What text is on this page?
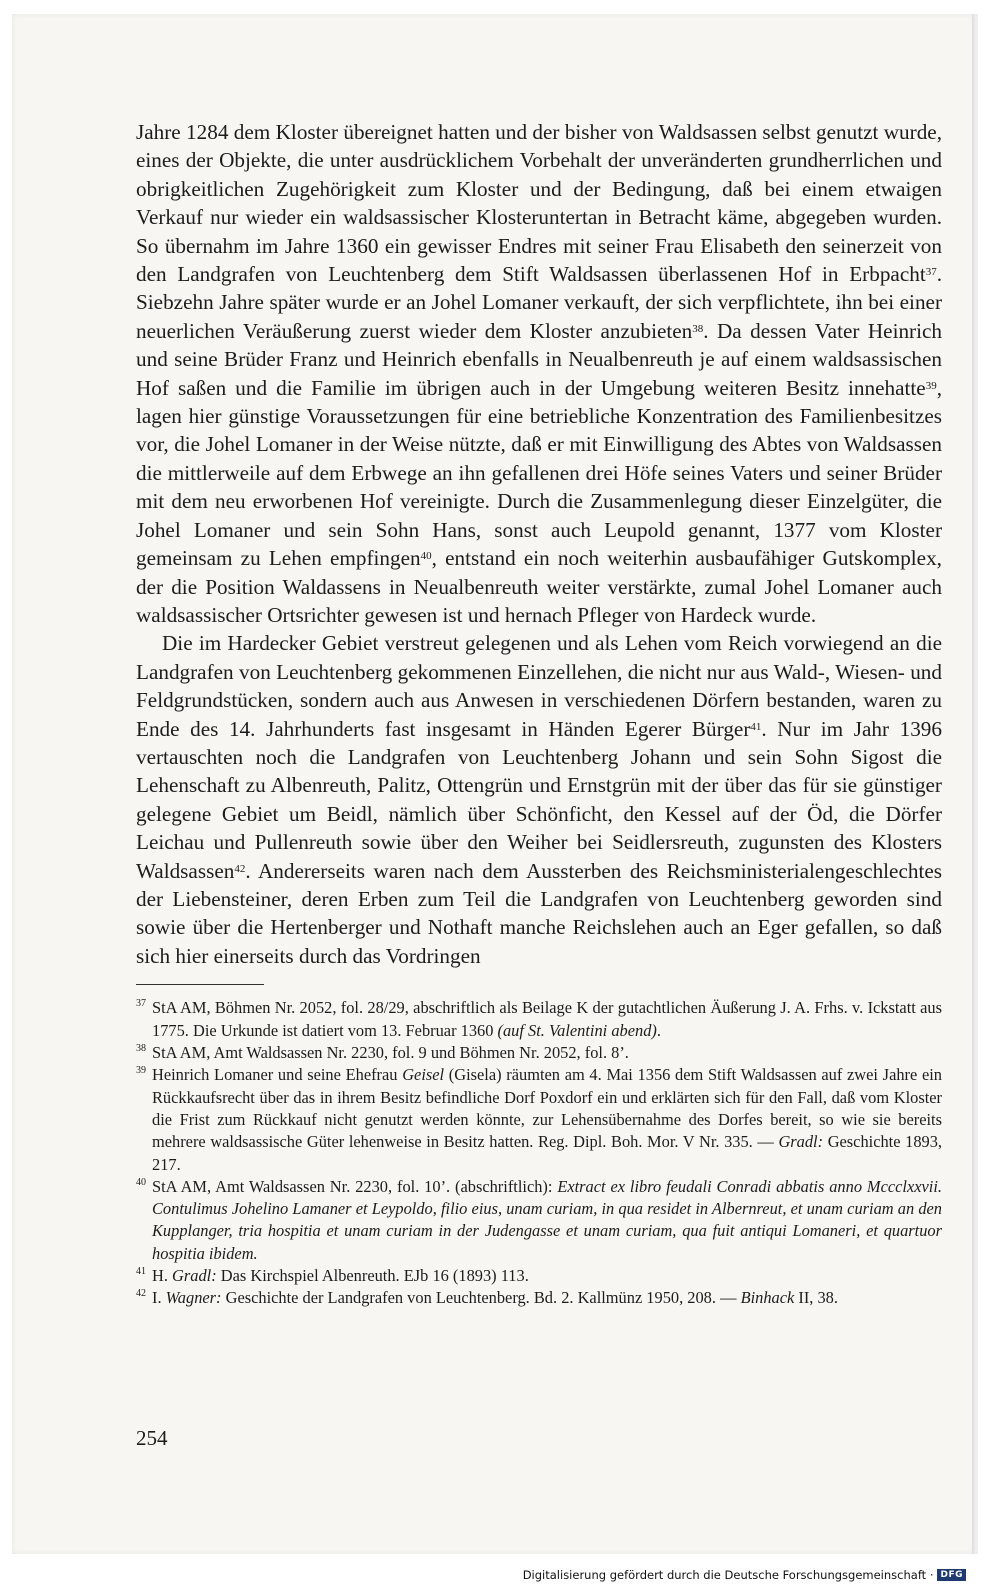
Jahre 1284 dem Kloster übereignet hatten und der bisher von Waldsassen selbst genutzt wurde, eines der Objekte, die unter ausdrücklichem Vorbehalt der unveränderten grundherrlichen und obrigkeitlichen Zugehörigkeit zum Kloster und der Bedingung, daß bei einem etwaigen Verkauf nur wieder ein waldsassischer Klosteruntertan in Betracht käme, abgegeben wurden. So übernahm im Jahre 1360 ein gewisser Endres mit seiner Frau Elisabeth den seinerzeit von den Landgrafen von Leuchtenberg dem Stift Waldsassen überlassenen Hof in Erbpacht$^{37}$. Siebzehn Jahre später wurde er an Johel Lomaner verkauft, der sich verpflichtete, ihn bei einer neuerlichen Veräußerung zuerst wieder dem Kloster anzubieten$^{38}$. Da dessen Vater Heinrich und seine Brüder Franz und Heinrich ebenfalls in Neualbenreuth je auf einem waldsassischen Hof saßen und die Familie im übrigen auch in der Umgebung weiteren Besitz innehatte$^{39}$, lagen hier günstige Voraussetzungen für eine betriebliche Konzentration des Familienbesitzes vor, die Johel Lomaner in der Weise nützte, daß er mit Einwilligung des Abtes von Waldsassen die mittlerweile auf dem Erbwege an ihn gefallenen drei Höfe seines Vaters und seiner Brüder mit dem neu erworbenen Hof vereinigte. Durch die Zusammenlegung dieser Einzelgüter, die Johel Lomaner und sein Sohn Hans, sonst auch Leupold genannt, 1377 vom Kloster gemeinsam zu Lehen empfingen$^{40}$, entstand ein noch weiterhin ausbaufähiger Gutskomplex, der die Position Waldassens in Neualbenreuth weiter verstärkte, zumal Johel Lomaner auch waldsassischer Ortsrichter gewesen ist und hernach Pfleger von Hardeck wurde.

Die im Hardecker Gebiet verstreut gelegenen und als Lehen vom Reich vorwiegend an die Landgrafen von Leuchtenberg gekommenen Einzellehen, die nicht nur aus Wald-, Wiesen- und Feldgrundstücken, sondern auch aus Anwesen in verschiedenen Dörfern bestanden, waren zu Ende des 14. Jahrhunderts fast insgesamt in Händen Egerer Bürger$^{41}$. Nur im Jahr 1396 vertauschten noch die Landgrafen von Leuchtenberg Johann und sein Sohn Sigost die Lehenschaft zu Albenreuth, Palitz, Ottengrün und Ernstgrün mit der über das für sie günstiger gelegene Gebiet um Beidl, nämlich über Schönficht, den Kessel auf der Öd, die Dörfer Leichau und Pullenreuth sowie über den Weiher bei Seidlersreuth, zugunsten des Klosters Waldsassen$^{42}$. Andererseits waren nach dem Aussterben des Reichsministerialengeschlechtes der Liebensteiner, deren Erben zum Teil die Landgrafen von Leuchtenberg geworden sind sowie über die Hertenberger und Nothaft manche Reichslehen auch an Eger gefallen, so daß sich hier einerseits durch das Vordringen

37 StA AM, Böhmen Nr. 2052, fol. 28/29, abschriftlich als Beilage K der gutachtlichen Äußerung J. A. Frhs. v. Ickstatt aus 1775. Die Urkunde ist datiert vom 13. Februar 1360 (auf St. Valentini abend).

38 StA AM, Amt Waldsassen Nr. 2230, fol. 9 und Böhmen Nr. 2052, fol. 8’.

39 Heinrich Lomaner und seine Ehefrau Geisel (Gisela) räumten am 4. Mai 1356 dem Stift Waldsassen auf zwei Jahre ein Rückkaufsrecht über das in ihrem Besitz befindliche Dorf Poxdorf ein und erklärten sich für den Fall, daß vom Kloster die Frist zum Rückkauf nicht genutzt werden könnte, zur Lehensübernahme des Dorfes bereit, so wie sie bereits mehrere waldsassische Güter lehenweise in Besitz hatten. Reg. Dipl. Boh. Mor. V Nr. 335. — Gradl: Geschichte 1893, 217.

40 StA AM, Amt Waldsassen Nr. 2230, fol. 10’. (abschriftlich): Extract ex libro feudali Conradi abbatis anno Mccclxxvii. Contulimus Johelino Lamaner et Leypoldo, filio eius, unam curiam, in qua residet in Albernreut, et unam curiam an den Kupplanger, tria hospitia et unam curiam in der Judengasse et unam curiam, qua fuit antiqui Lomaneri, et quartuor hospitia ibidem.

41 H. Gradl: Das Kirchspiel Albenreuth. EJb 16 (1893) 113.

42 I. Wagner: Geschichte der Landgrafen von Leuchtenberg. Bd. 2. Kallmünz 1950, 208. — Binhack II, 38.

254
Digitalisierung gefördert durch die Deutsche Forschungsgemeinschaft · DFG
